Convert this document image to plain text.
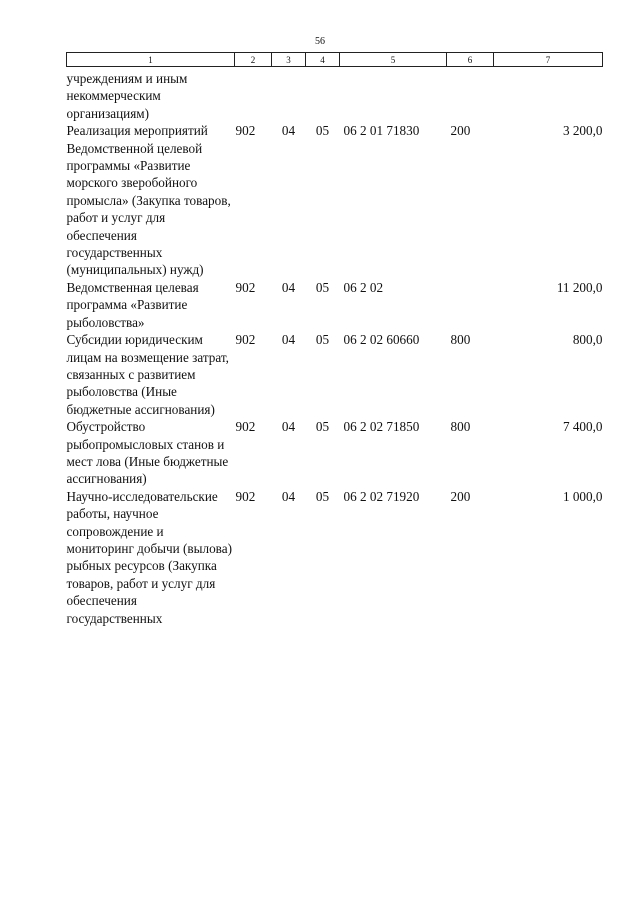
56
1	2	3	4	5	6	7
учреждениям и иным некоммерческим организациям)						
Реализация мероприятий Ведомственной целевой программы «Развитие морского зверобойного промысла» (Закупка товаров, работ и услуг для обеспечения государственных (муниципальных) нужд)	902	04	05	06 2 01 71830	200	3 200,0
Ведомственная целевая программа «Развитие рыболовства»	902	04	05	06 2 02		11 200,0
Субсидии юридическим лицам на возмещение затрат, связанных с развитием рыболовства (Иные бюджетные ассигнования)	902	04	05	06 2 02 60660	800	800,0
Обустройство рыбопромысловых станов и мест лова (Иные бюджетные ассигнования)	902	04	05	06 2 02 71850	800	7 400,0
Научно-исследовательские работы, научное сопровождение и мониторинг добычи (вылова) рыбных ресурсов (Закупка товаров, работ и услуг для обеспечения государственных	902	04	05	06 2 02 71920	200	1 000,0
